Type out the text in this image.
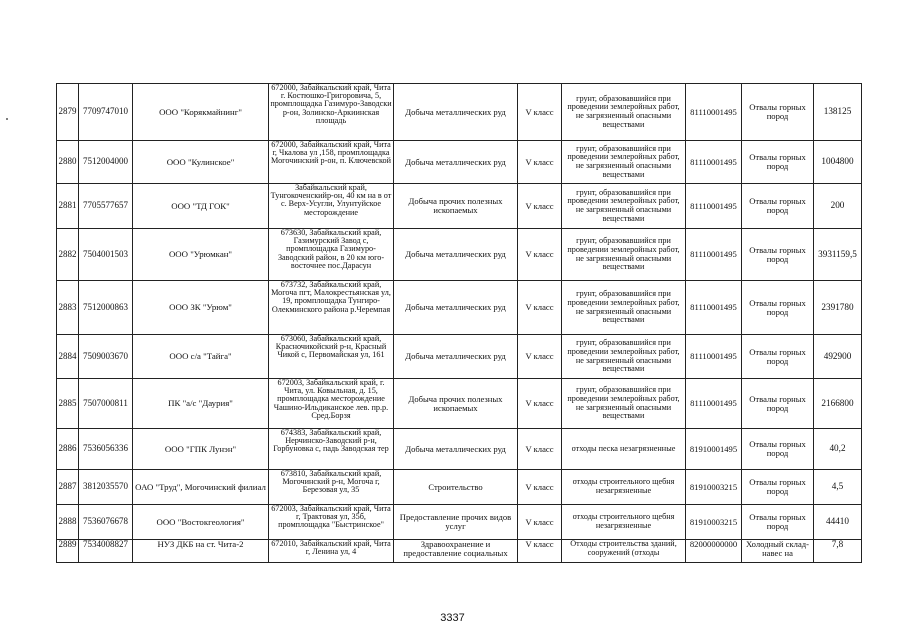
2879	7709747010	ООО "Корякмайнинг"	672000, Забайкальский край, Чита г. Костюшко-Григоровича, 5, промплощадка Газимуро-Заводски р-он, Золинско-Аркиинская площадь	Добыча металлических руд	V класс	грунт, образовавшийся при проведении землеройных работ, не загрязненный опасными веществами	81110001495	Отвалы горных пород	138125
2880	7512004000	ООО "Кулинское"	672000, Забайкальский край, Чита г, Чкалова ул ,158, промплощадка Могочинский р-он, п. Ключевской	Добыча металлических руд	V класс	грунт, образовавшийся при проведении землеройных работ, не загрязненный опасными веществами	81110001495	Отвалы горных пород	1004800
2881	7705577657	ООО "ТД ГОК"	Забайкальский край, Тунгокоченскийр-он, 40 км на в от с. Верх-Усугли, Улунтуйское месторождение	Добыча прочих полезных ископаемых	V класс	грунт, образовавшийся при проведении землеройных работ, не загрязненный опасными веществами	81110001495	Отвалы горных пород	200
2882	7504001503	ООО "Урюмкан"	673630, Забайкальский край, Газимурский Завод с, промплощадка Газимуро-Заводский район, в 20 км юго-восточнее пос.Дарасун	Добыча металлических руд	V класс	грунт, образовавшийся при проведении землеройных работ, не загрязненный опасными веществами	81110001495	Отвалы горных пород	3931159,5
2883	7512000863	ООО ЗК "Урюм"	673732, Забайкальский край, Могоча пгт, Малокрестьянская ул, 19, промплощадка Тунгиро- Олекминского района р.Черемпая	Добыча металлических руд	V класс	грунт, образовавшийся при проведении землеройных работ, не загрязненный опасными веществами	81110001495	Отвалы горных пород	2391780
2884	7509003670	ООО с/а "Тайга"	673060, Забайкальский край, Красночикойский р-н, Красный Чикой с, Первомайская ул, 161	Добыча металлических руд	V класс	грунт, образовавшийся при проведении землеройных работ, не загрязненный опасными веществами	81110001495	Отвалы горных пород	492900
2885	7507000811	ПК "а/с "Даурия"	672003, Забайкальский край, г. Чита, ул. Ковыльная, д. 15, промплощадка месторождение Чашино-Ильдиканское лев. пр.р. Сред.Борзя	Добыча прочих полезных ископаемых	V класс	грунт, образовавшийся при проведении землеройных работ, не загрязненный опасными веществами	81110001495	Отвалы горных пород	2166800
2886	7536056336	ООО "ГПК Лунэн"	674383, Забайкальский край, Нерчинско-Заводский р-н, Горбуновка с, падь Заводская тер	Добыча металлических руд	V класс	отходы песка незагрязненные	81910001495	Отвалы горных пород	40,2
2887	3812035570	ОАО "Труд", Могочинский филиал	673810, Забайкальский край, Могочинский р-н, Могоча г, Березовая ул, 35	Строительство	V класс	отходы строительного щебня незагрязненные	81910003215	Отвалы горных пород	4,5
2888	7536076678	ООО "Востокгеология"	672003, Забайкальский край, Чита г, Трактовая ул, 35б, промплощадка "Быстринское"	Предоставление прочих видов услуг	V класс	отходы строительного щебня незагрязненные	81910003215	Отвалы горных пород	44410
2889	7534008827	НУЗ ДКБ на ст. Чита-2	672010, Забайкальский край, Чита г, Ленина ул, 4	Здравоохранение и предоставление социальных	V класс	Отходы строительства зданий, сооружений (отходы	82000000000	Холодный склад-навес на	7,8
3337
